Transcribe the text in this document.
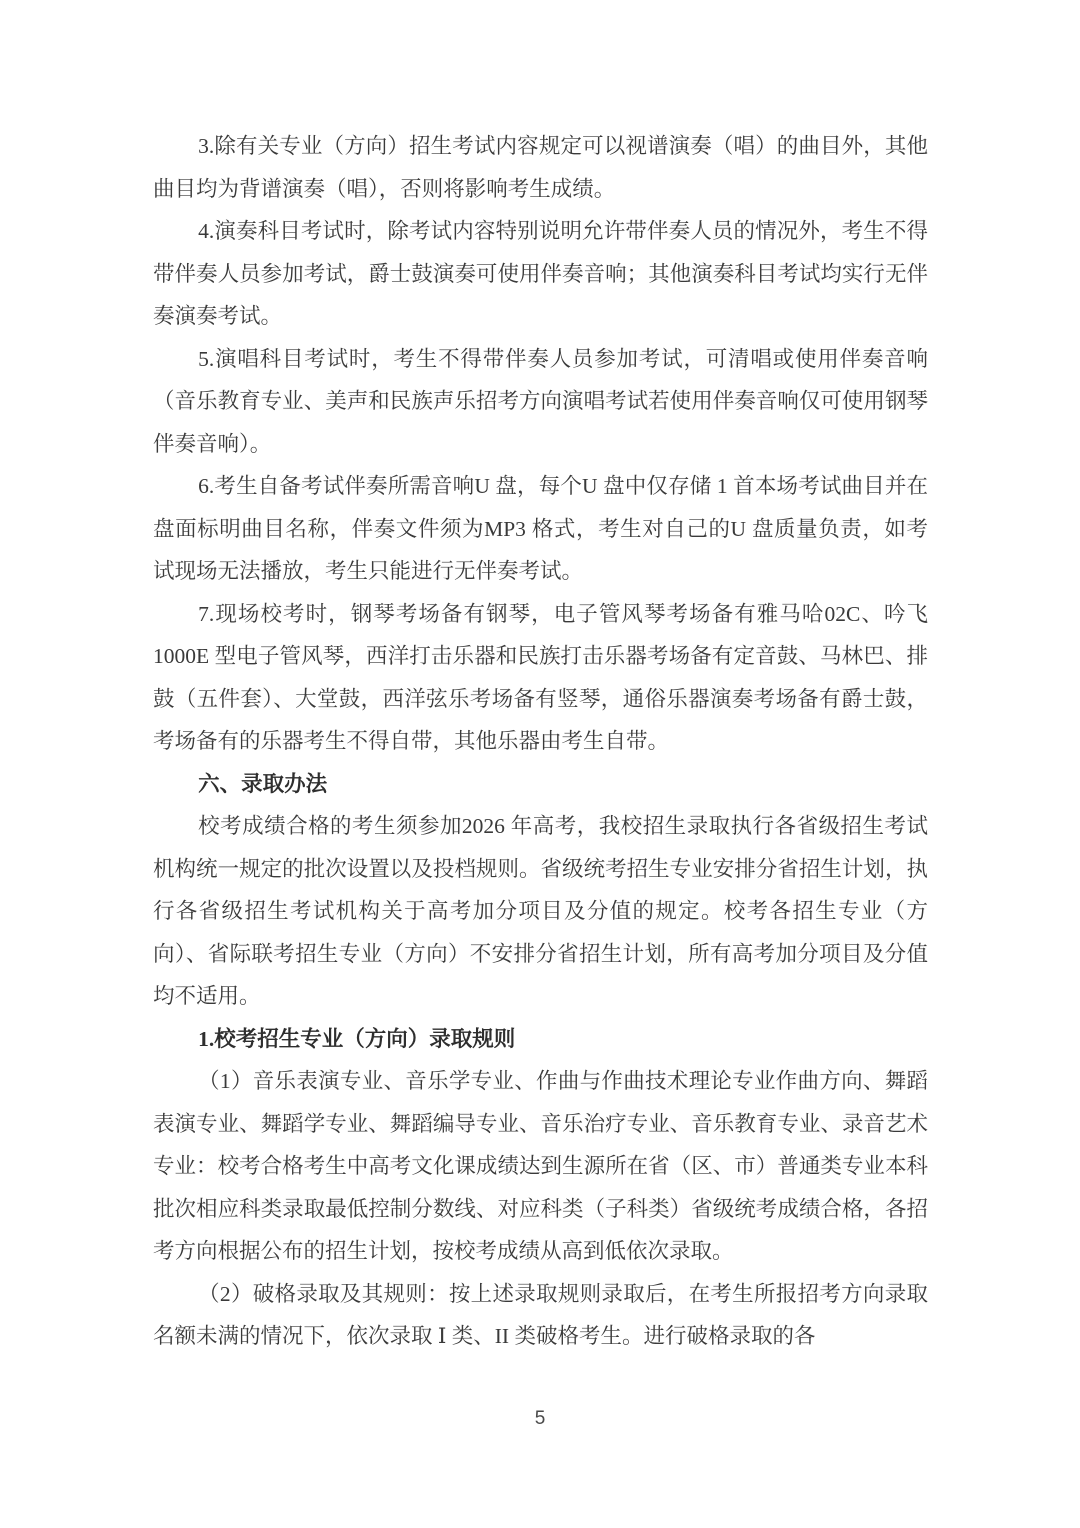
3.除有关专业（方向）招生考试内容规定可以视谱演奏（唱）的曲目外，其他曲目均为背谱演奏（唱），否则将影响考生成绩。

4.演奏科目考试时，除考试内容特别说明允许带伴奏人员的情况外，考生不得带伴奏人员参加考试，爵士鼓演奏可使用伴奏音响；其他演奏科目考试均实行无伴奏演奏考试。

5.演唱科目考试时，考生不得带伴奏人员参加考试，可清唱或使用伴奏音响（音乐教育专业、美声和民族声乐招考方向演唱考试若使用伴奏音响仅可使用钢琴伴奏音响）。

6.考生自备考试伴奏所需音响U 盘，每个U 盘中仅存储 1 首本场考试曲目并在盘面标明曲目名称，伴奏文件须为MP3 格式，考生对自己的U 盘质量负责，如考试现场无法播放，考生只能进行无伴奏考试。

7.现场校考时，钢琴考场备有钢琴，电子管风琴考场备有雅马哈02C、吟飞1000E 型电子管风琴，西洋打击乐器和民族打击乐器考场备有定音鼓、马林巴、排鼓（五件套）、大堂鼓，西洋弦乐考场备有竖琴，通俗乐器演奏考场备有爵士鼓，考场备有的乐器考生不得自带，其他乐器由考生自带。

六、录取办法

校考成绩合格的考生须参加2026 年高考，我校招生录取执行各省级招生考试机构统一规定的批次设置以及投档规则。省级统考招生专业安排分省招生计划，执行各省级招生考试机构关于高考加分项目及分值的规定。校考各招生专业（方向）、省际联考招生专业（方向）不安排分省招生计划，所有高考加分项目及分值均不适用。

1.校考招生专业（方向）录取规则

（1）音乐表演专业、音乐学专业、作曲与作曲技术理论专业作曲方向、舞蹈表演专业、舞蹈学专业、舞蹈编导专业、音乐治疗专业、音乐教育专业、录音艺术专业：校考合格考生中高考文化课成绩达到生源所在省（区、市）普通类专业本科批次相应科类录取最低控制分数线、对应科类（子科类）省级统考成绩合格，各招考方向根据公布的招生计划，按校考成绩从高到低依次录取。

（2）破格录取及其规则：按上述录取规则录取后，在考生所报招考方向录取名额未满的情况下，依次录取 Ⅰ 类、II 类破格考生。进行破格录取的各

5
